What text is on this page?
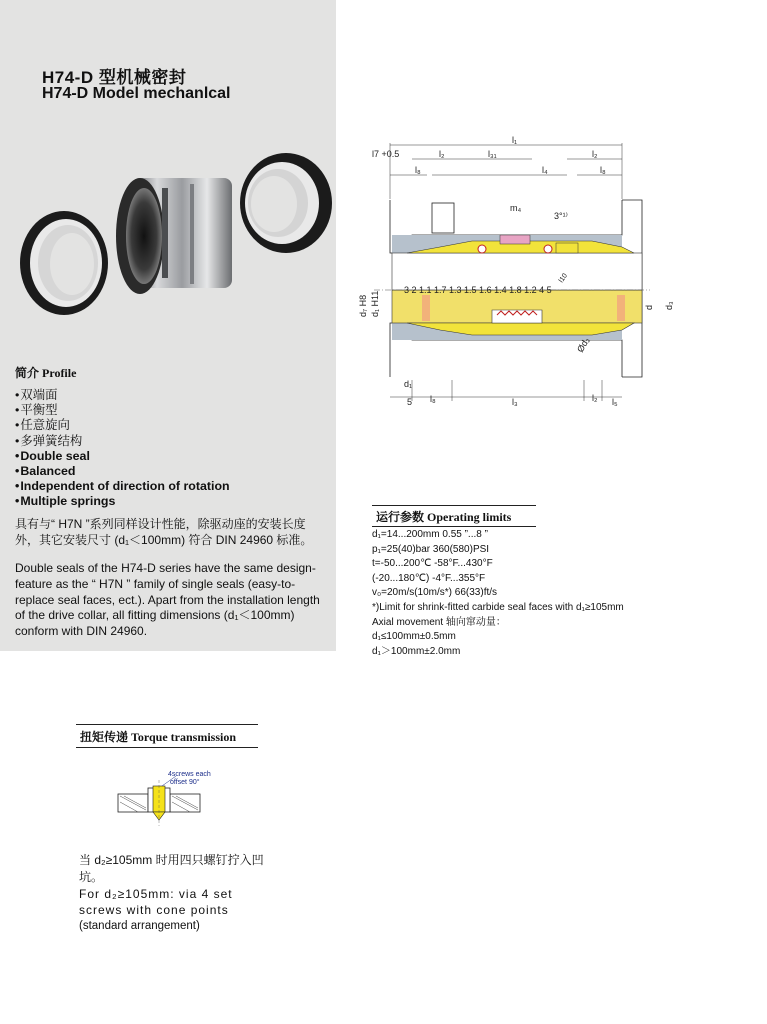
H74-D 型机械密封
H74-D Model mechanlcal
简介 Profile
• 双端面
• 平衡型
• 任意旋向
• 多弹簧结构
• Double seal
• Balanced
• Independent of direction of rotation
• Multiple springs
具有与“ H7N ”系列同样设计性能，除驱动座的安装长度外，其它安装尺寸 (d₁＜100mm) 符合 DIN 24960 标准。
Double seals of the H74-D series have the same design-feature as the “ H7N ” family of single seals (easy-to-replace seal faces, ect.). Apart from the installation length of the drive collar, all fitting dimensions (d₁＜100mm) conform with DIN 24960.
l7 +0.5
l₁
l₂	l₃₁	l₂
l₈	l₄	l₈
m₄
3°¹⁾
3 2 1.1 1.7 1.3 1.5 1.6 1.4 1.8 1.2 4 5
d₇ H8 d₁ H11	d d₃
d₁
5 l₈	l₃	l₂ l₅
Ød₂
l10
运行参数 Operating limits
d₁=14...200mm 0.55 ”...8 ”
p₁=25(40)bar 360(580)PSI
t=-50...200℃ -58°F...430°F
(-20...180℃) -4°F...355°F
v₀=20m/s(10m/s*) 66(33)ft/s
*)Limit for shrink-fitted carbide seal faces with d₁≥105mm
Axial movement 轴向窜动量：
d₁≤100mm±0.5mm
d₁＞100mm±2.0mm
扭矩传递 Torque transmission
4screws each
offset 90°
当 d₂≥105mm 时用四只螺钉拧入凹坑。
For d₂≥105mm: via 4 set screws with cone points
(standard arrangement)
